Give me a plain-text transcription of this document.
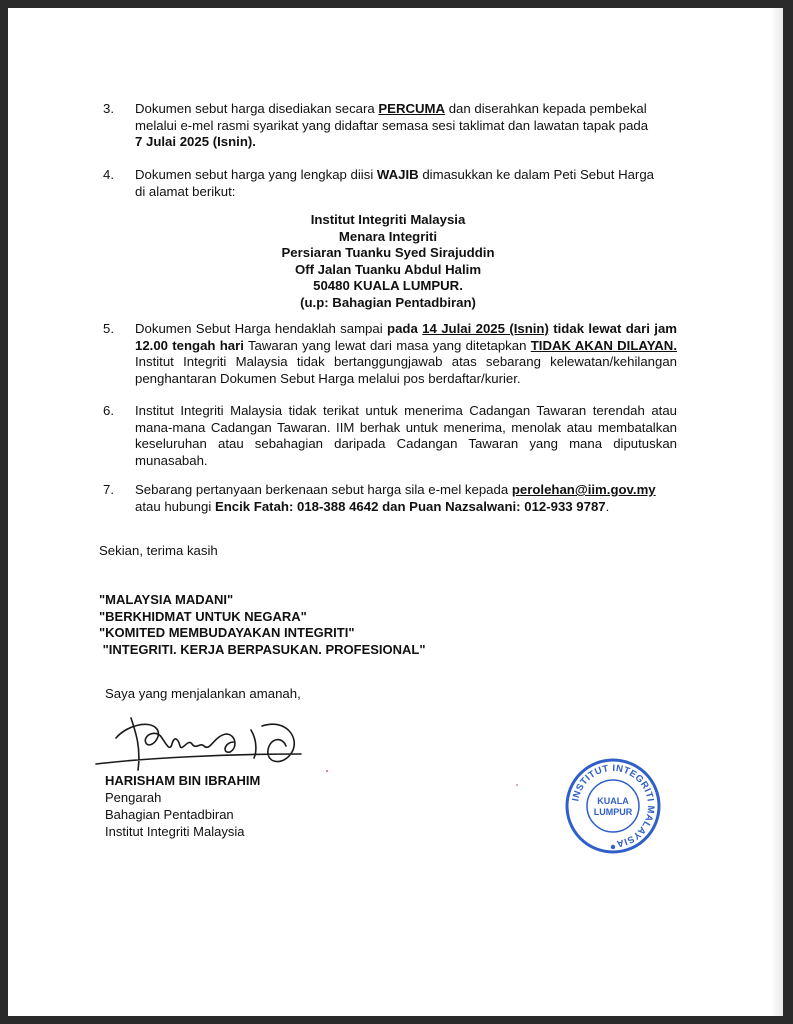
3. Dokumen sebut harga disediakan secara PERCUMA dan diserahkan kepada pembekal
melalui e-mel rasmi syarikat yang didaftar semasa sesi taklimat dan lawatan tapak pada
7 Julai 2025 (Isnin).
4. Dokumen sebut harga yang lengkap diisi WAJIB dimasukkan ke dalam Peti Sebut Harga
di alamat berikut:
Institut Integriti Malaysia
Menara Integriti
Persiaran Tuanku Syed Sirajuddin
Off Jalan Tuanku Abdul Halim
50480 KUALA LUMPUR.
(u.p: Bahagian Pentadbiran)
5. Dokumen Sebut Harga hendaklah sampai pada 14 Julai 2025 (Isnin) tidak lewat dari jam 12.00 tengah hari Tawaran yang lewat dari masa yang ditetapkan TIDAK AKAN DILAYAN. Institut Integriti Malaysia tidak bertanggungjawab atas sebarang kelewatan/kehilangan penghantaran Dokumen Sebut Harga melalui pos berdaftar/kurier.
6. Institut Integriti Malaysia tidak terikat untuk menerima Cadangan Tawaran terendah atau mana-mana Cadangan Tawaran. IIM berhak untuk menerima, menolak atau membatalkan keseluruhan atau sebahagian daripada Cadangan Tawaran yang mana diputuskan munasabah.
7. Sebarang pertanyaan berkenaan sebut harga sila e-mel kepada perolehan@iim.gov.my
atau hubungi Encik Fatah: 018-388 4642 dan Puan Nazsalwani: 012-933 9787.
Sekian, terima kasih
"MALAYSIA MADANI"
"BERKHIDMAT UNTUK NEGARA"
"KOMITED MEMBUDAYAKAN INTEGRITI"
"INTEGRITI. KERJA BERPASUKAN. PROFESIONAL"
Saya yang menjalankan amanah,
HARISHAM BIN IBRAHIM
Pengarah
Bahagian Pentadbiran
Institut Integriti Malaysia
INSTITUT INTEGRITI MALAYSIA
KUALA
LUMPUR
